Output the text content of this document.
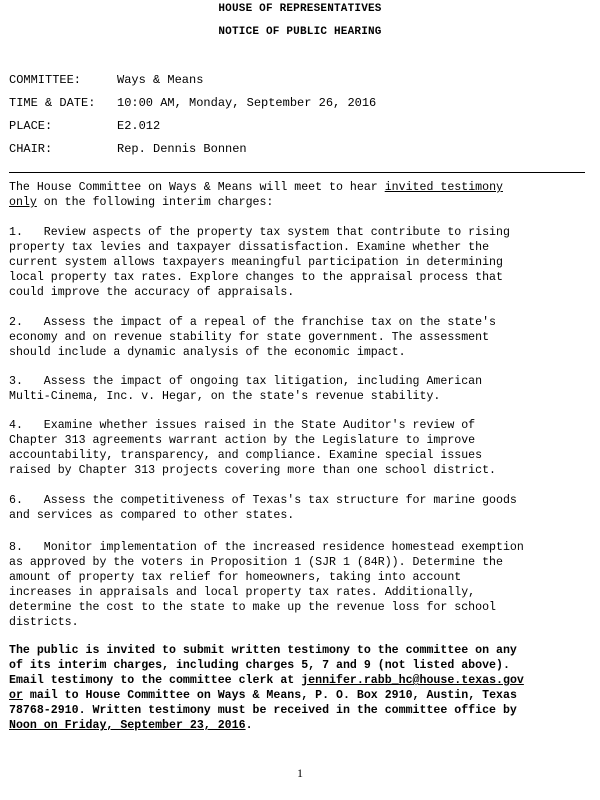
HOUSE OF REPRESENTATIVES
NOTICE OF PUBLIC HEARING
COMMITTEE:	Ways & Means
TIME & DATE: 10:00 AM, Monday, September 26, 2016
PLACE:	E2.012
CHAIR:	Rep. Dennis Bonnen
The House Committee on Ways & Means will meet to hear invited testimony
only on the following interim charges:
1.   Review aspects of the property tax system that contribute to rising
property tax levies and taxpayer dissatisfaction. Examine whether the
current system allows taxpayers meaningful participation in determining
local property tax rates. Explore changes to the appraisal process that
could improve the accuracy of appraisals.
2.   Assess the impact of a repeal of the franchise tax on the state's
economy and on revenue stability for state government. The assessment
should include a dynamic analysis of the economic impact.
3.   Assess the impact of ongoing tax litigation, including American
Multi-Cinema, Inc. v. Hegar, on the state's revenue stability.
4.   Examine whether issues raised in the State Auditor's review of
Chapter 313 agreements warrant action by the Legislature to improve
accountability, transparency, and compliance. Examine special issues
raised by Chapter 313 projects covering more than one school district.
6.   Assess the competitiveness of Texas's tax structure for marine goods
and services as compared to other states.
8.   Monitor implementation of the increased residence homestead exemption
as approved by the voters in Proposition 1 (SJR 1 (84R)). Determine the
amount of property tax relief for homeowners, taking into account
increases in appraisals and local property tax rates. Additionally,
determine the cost to the state to make up the revenue loss for school
districts.
The public is invited to submit written testimony to the committee on any
of its interim charges, including charges 5, 7 and 9 (not listed above).
Email testimony to the committee clerk at jennifer.rabb_hc@house.texas.gov
or mail to House Committee on Ways & Means, P. O. Box 2910, Austin, Texas
78768-2910. Written testimony must be received in the committee office by
Noon on Friday, September 23, 2016.
1
